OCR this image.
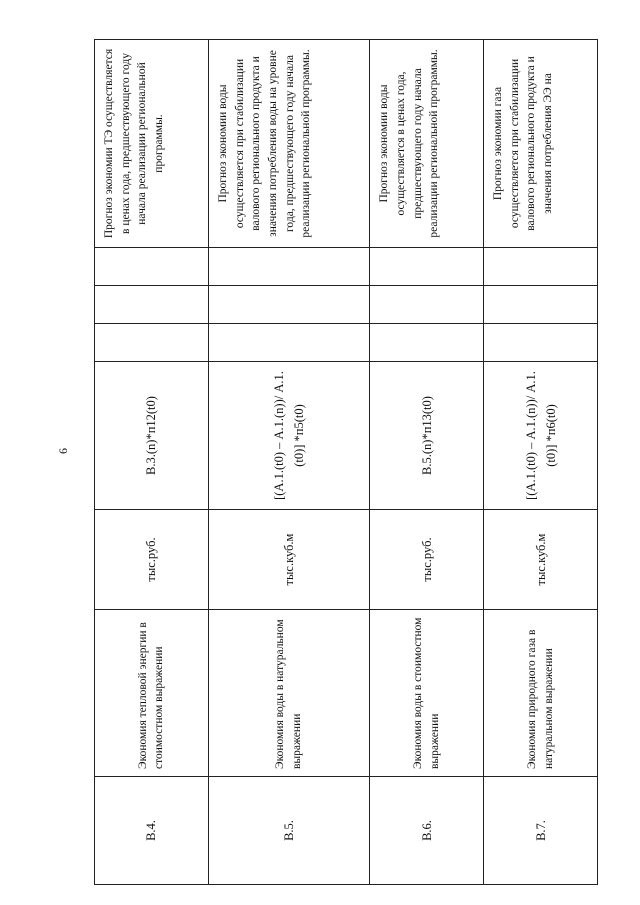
6
В.4.	Экономия тепловой энергии в стоимостном выражении	тыс.руб.	B.3.(n)*п12(t0)				Прогноз экономии ТЭ осуществляется в ценах года, предшествующего году начала реализации региональной программы.
В.5.	Экономия воды в натуральном выражении	тыс.куб.м	[(А.1.(t0) – А.1.(n))/ А.1.(t0)] *п5(t0)				Прогноз экономии воды осуществляется при стабилизации валового регионального продукта и значения потребления воды на уровне года, предшествующего году начала реализации региональной программы.
В.6.	Экономия воды в стоимостном выражении	тыс.руб.	B.5.(n)*п13(t0)				Прогноз экономии воды осуществляется в ценах года, предшествующего году начала реализации региональной программы.
В.7.	Экономия природного газа в натуральном выражении	тыс.куб.м	[(А.1.(t0) – А.1.(n))/ А.1.(t0)] *п6(t0)				Прогноз экономии газа осуществляется при стабилизации валового регионального продукта и значения потребления ЭЭ на
